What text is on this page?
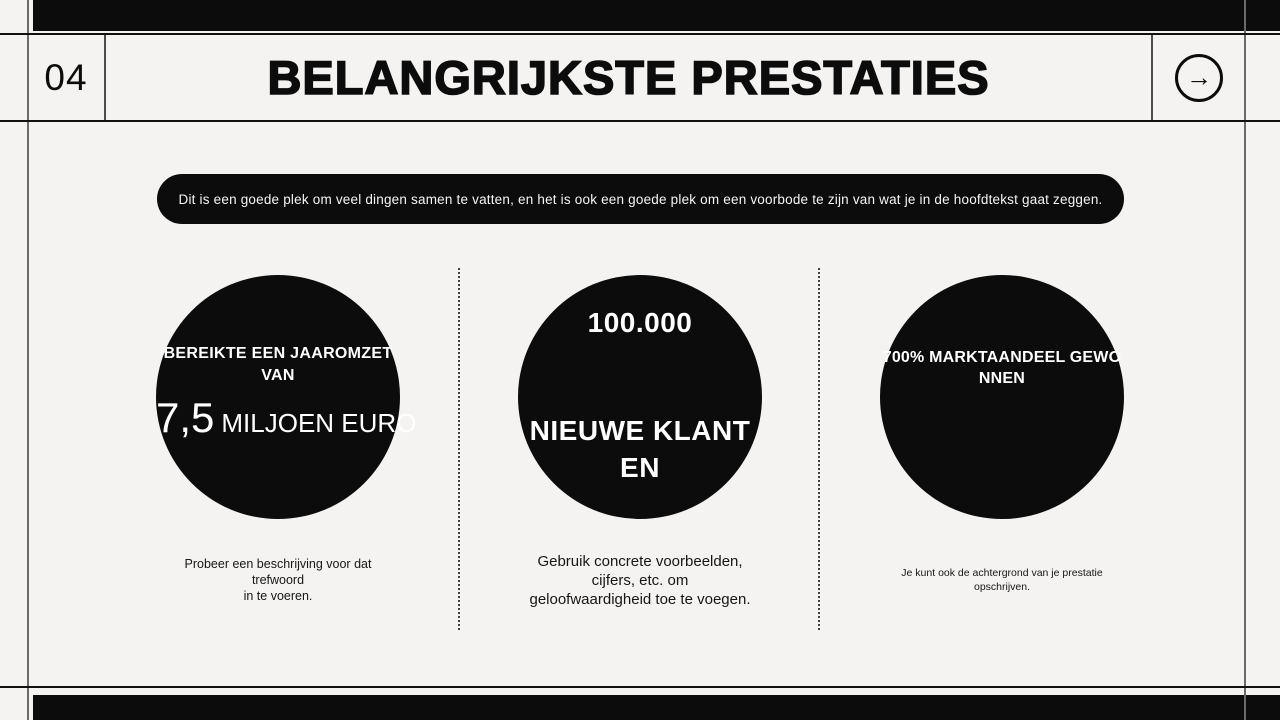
04	BELANGRIJKSTE PRESTATIES	→
Dit is een goede plek om veel dingen samen te vatten, en het is ook een goede plek om een voorbode te zijn van wat je in de hoofdtekst gaat zeggen.
BEREIKTE EEN JAAROMZET
VAN
7,5 MILJOEN EURO
100.000
NIEUWE KLANT
EN
700% MARKTAANDEEL GEWO
NNEN
Probeer een beschrijving voor dat
trefwoord
in te voeren.
Gebruik concrete voorbeelden,
cijfers, etc. om
geloofwaardigheid toe te voegen.
Je kunt ook de achtergrond van je prestatie
opschrijven.
